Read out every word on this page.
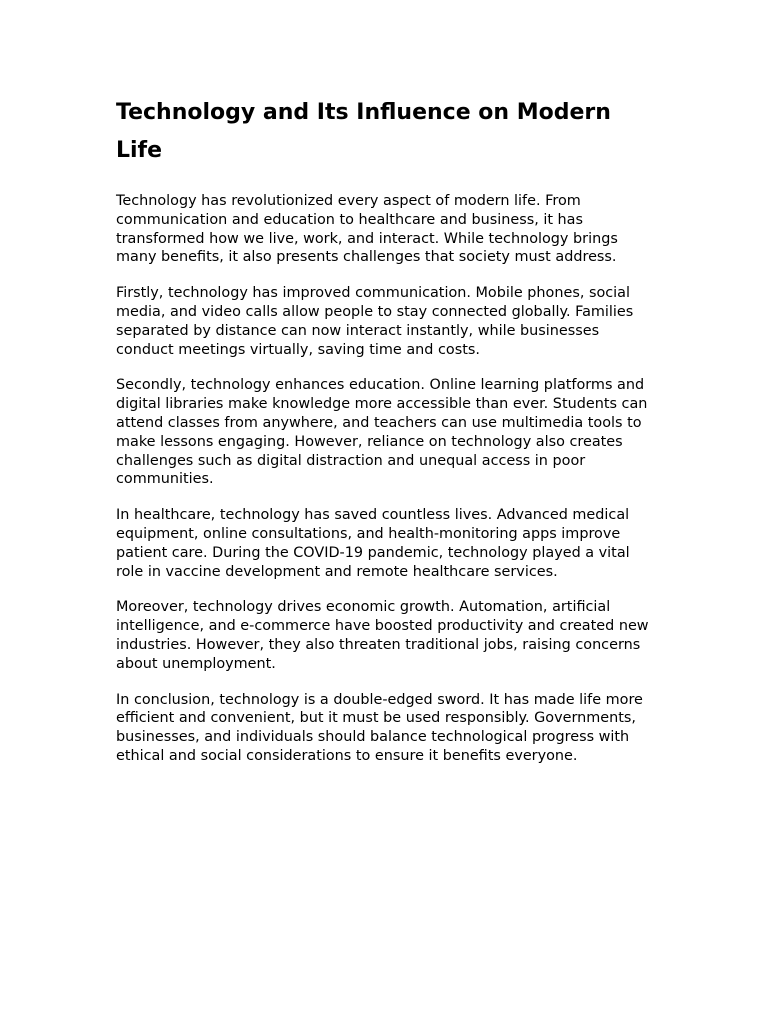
Technology and Its Influence on Modern Life

Technology has revolutionized every aspect of modern life. From communication and education to healthcare and business, it has transformed how we live, work, and interact. While technology brings many benefits, it also presents challenges that society must address.

Firstly, technology has improved communication. Mobile phones, social media, and video calls allow people to stay connected globally. Families separated by distance can now interact instantly, while businesses conduct meetings virtually, saving time and costs.

Secondly, technology enhances education. Online learning platforms and digital libraries make knowledge more accessible than ever. Students can attend classes from anywhere, and teachers can use multimedia tools to make lessons engaging. However, reliance on technology also creates challenges such as digital distraction and unequal access in poor communities.

In healthcare, technology has saved countless lives. Advanced medical equipment, online consultations, and health-monitoring apps improve patient care. During the COVID-19 pandemic, technology played a vital role in vaccine development and remote healthcare services.

Moreover, technology drives economic growth. Automation, artificial intelligence, and e-commerce have boosted productivity and created new industries. However, they also threaten traditional jobs, raising concerns about unemployment.

In conclusion, technology is a double-edged sword. It has made life more efficient and convenient, but it must be used responsibly. Governments, businesses, and individuals should balance technological progress with ethical and social considerations to ensure it benefits everyone.
